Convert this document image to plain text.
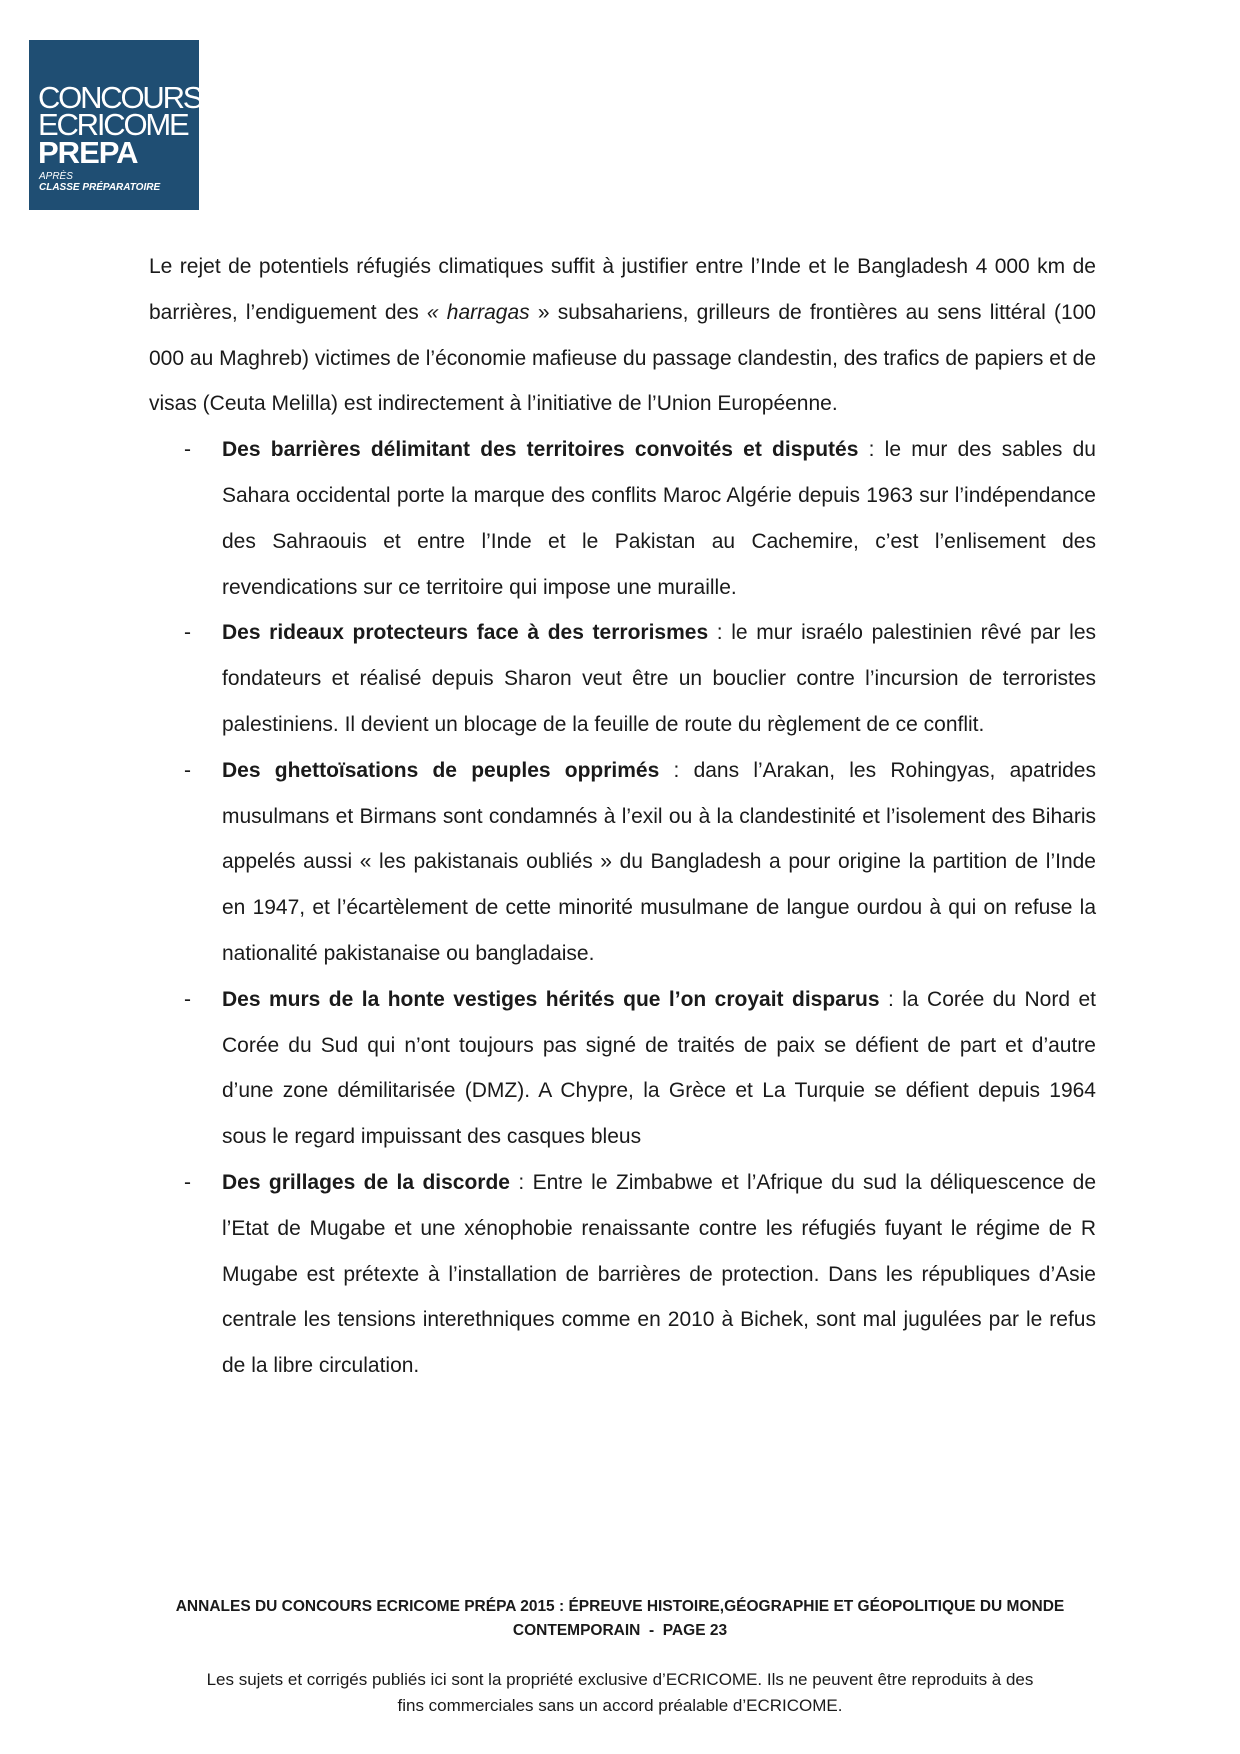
CONCOURS
ECRICOME
PREPA
APRÈS
CLASSE PRÉPARATOIRE

Le rejet de potentiels réfugiés climatiques suffit à justifier entre l’Inde et le Bangladesh 4 000 km de barrières, l’endiguement des « harragas » subsahariens, grilleurs de frontières au sens littéral (100 000 au Maghreb) victimes de l’économie mafieuse du passage clandestin, des trafics de papiers et de visas (Ceuta Melilla) est indirectement à l’initiative de l’Union Européenne.

- Des barrières délimitant des territoires convoités et disputés : le mur des sables du Sahara occidental porte la marque des conflits Maroc Algérie depuis 1963 sur l’indépendance des Sahraouis et entre l’Inde et le Pakistan au Cachemire, c’est l’enlisement des revendications sur ce territoire qui impose une muraille.
- Des rideaux protecteurs face à des terrorismes : le mur israélo palestinien rêvé par les fondateurs et réalisé depuis Sharon veut être un bouclier contre l’incursion de terroristes palestiniens. Il devient un blocage de la feuille de route du règlement de ce conflit.
- Des ghettoïsations de peuples opprimés : dans l’Arakan, les Rohingyas, apatrides musulmans et Birmans sont condamnés à l’exil ou à la clandestinité et l’isolement des Biharis appelés aussi « les pakistanais oubliés » du Bangladesh a pour origine la partition de l’Inde en 1947, et l’écartèlement de cette minorité musulmane de langue ourdou à qui on refuse la nationalité pakistanaise ou bangladaise.
- Des murs de la honte vestiges hérités que l’on croyait disparus : la Corée du Nord et Corée du Sud qui n’ont toujours pas signé de traités de paix se défient de part et d’autre d’une zone démilitarisée (DMZ). A Chypre, la Grèce et La Turquie se défient depuis 1964 sous le regard impuissant des casques bleus
- Des grillages de la discorde : Entre le Zimbabwe et l’Afrique du sud la déliquescence de l’Etat de Mugabe et une xénophobie renaissante contre les réfugiés fuyant le régime de R Mugabe est prétexte à l’installation de barrières de protection. Dans les républiques d’Asie centrale les tensions interethniques comme en 2010 à Bichek, sont mal jugulées par le refus de la libre circulation.
ANNALES DU CONCOURS ECRICOME PRÉPA 2015 : ÉPREUVE HISTOIRE,GÉOGRAPHIE ET GÉOPOLITIQUE DU MONDE
CONTEMPORAIN  -  PAGE 23
Les sujets et corrigés publiés ici sont la propriété exclusive d’ECRICOME. Ils ne peuvent être reproduits à des
fins commerciales sans un accord préalable d’ECRICOME.
